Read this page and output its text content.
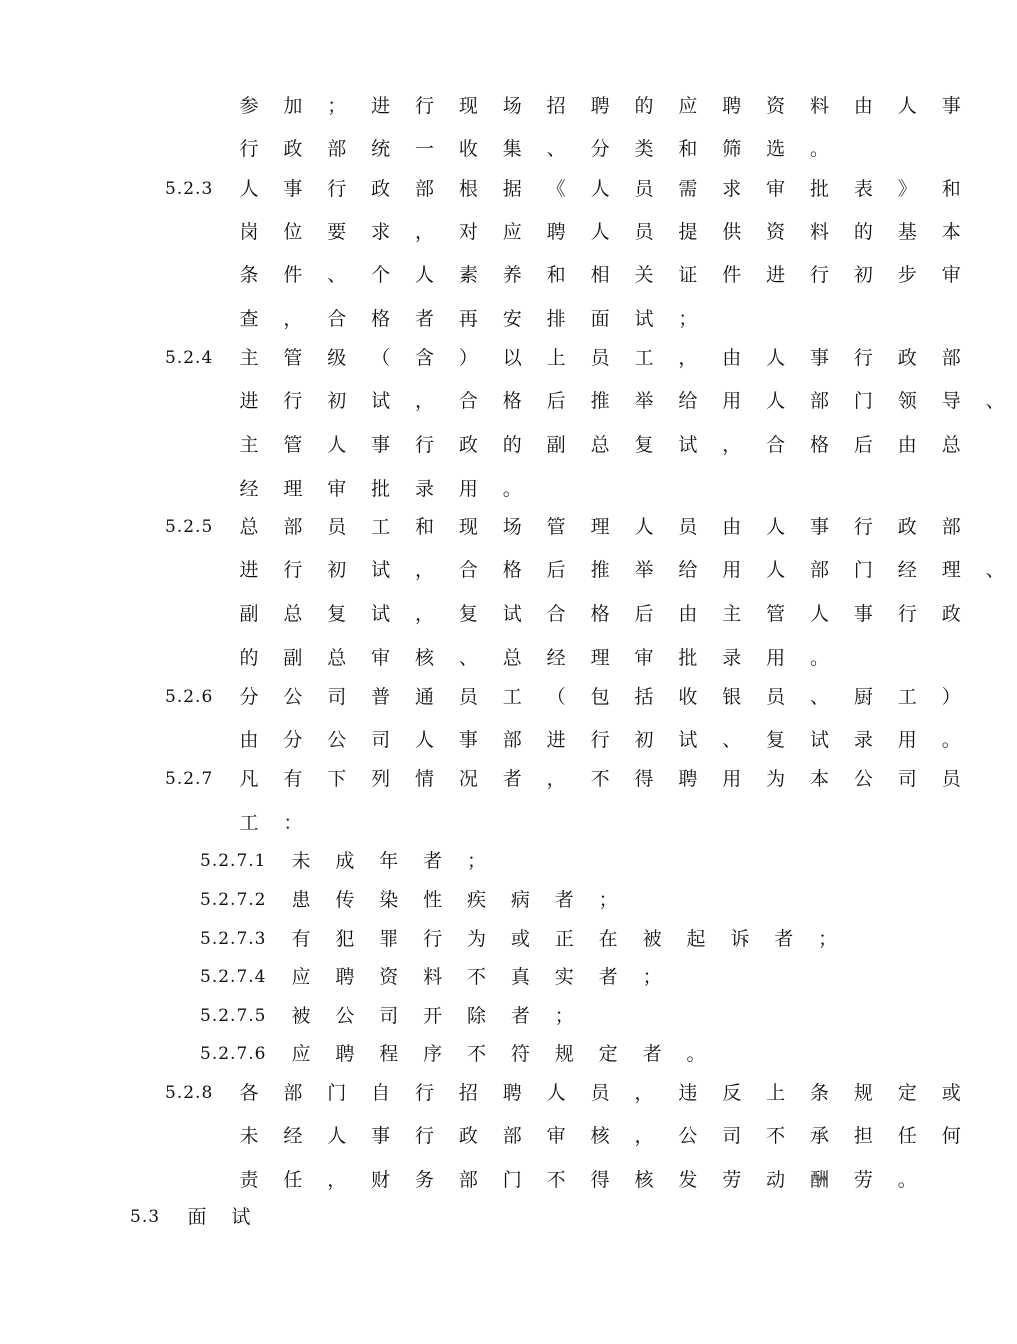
参	加	；	进	行	现	场	招	聘	的	应	聘	资	料	由	人	事
行	政	部	统	一	收	集	、	分	类	和	筛	选	。
5.2.3	人	事	行	政	部	根	据	《	人	员	需	求	审	批	表	》	和
岗	位	要	求	，	对	应	聘	人	员	提	供	资	料	的	基	本
条	件	、	个	人	素	养	和	相	关	证	件	进	行	初	步	审
查	，	合	格	者	再	安	排	面	试	；
5.2.4	主	管	级	（	含	）	以	上	员	工	，	由	人	事	行	政	部
进	行	初	试	，	合	格	后	推	举	给	用	人	部	门	领	导	、
主	管	人	事	行	政	的	副	总	复	试	，	合	格	后	由	总
经	理	审	批	录	用	。
5.2.5	总	部	员	工	和	现	场	管	理	人	员	由	人	事	行	政	部
进	行	初	试	，	合	格	后	推	举	给	用	人	部	门	经	理	、
副	总	复	试	，	复	试	合	格	后	由	主	管	人	事	行	政
的	副	总	审	核	、	总	经	理	审	批	录	用	。
5.2.6	分	公	司	普	通	员	工	（	包	括	收	银	员	、	厨	工	）
由	分	公	司	人	事	部	进	行	初	试	、	复	试	录	用	。
5.2.7	凡	有	下	列	情	况	者	，	不	得	聘	用	为	本	公	司	员
工	：
5.2.7.1	未	成	年	者	；
5.2.7.2	患	传	染	性	疾	病	者	；
5.2.7.3	有	犯	罪	行	为	或	正	在	被	起	诉	者	；
5.2.7.4	应	聘	资	料	不	真	实	者	；
5.2.7.5	被	公	司	开	除	者	；
5.2.7.6	应	聘	程	序	不	符	规	定	者	。
5.2.8	各	部	门	自	行	招	聘	人	员	，	违	反	上	条	规	定	或
未	经	人	事	行	政	部	审	核	，	公	司	不	承	担	任	何
责	任	，	财	务	部	门	不	得	核	发	劳	动	酬	劳	。
5.3	面	试
